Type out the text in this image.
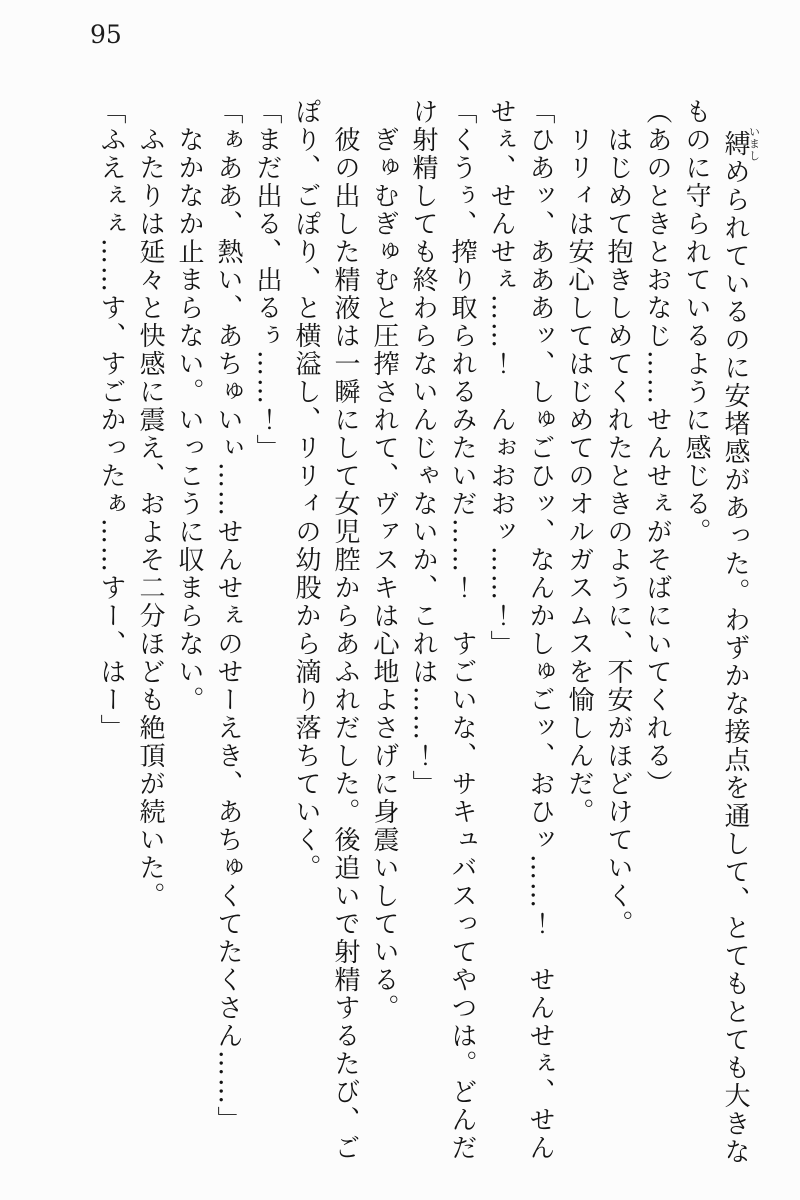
95

縛いましめられているのに安堵感があった。わずかな接点を通して、とてもとても大きな

ものに守られているように感じる。

（あのときとおなじ……せんせぇがそばにいてくれる）

はじめて抱きしめてくれたときのように、不安がほどけていく。

リリィは安心してはじめてのオルガスムスを愉しんだ。

「ひあッ、あああッ、しゅごひッ、なんかしゅごッ、おひッ……！　せんせぇ、せん

せぇ、せんせぇ……！　んぉおおッ……！」

「くうぅ、搾り取られるみたいだ……！　すごいな、サキュバスってやつは。どんだ

け射精しても終わらないんじゃないか、これは……！」

ぎゅむぎゅむと圧搾されて、ヴァスキは心地よさげに身震いしている。

彼の出した精液は一瞬にして女児腔からあふれだした。後追いで射精するたび、ご

ぽり、ごぽり、と横溢し、リリィの幼股から滴り落ちていく。

「まだ出る、出るぅ……！」

「ぁああ、熱い、あちゅいぃ……せんせぇのせーえき、あちゅくてたくさん……」

なかなか止まらない。いっこうに収まらない。

ふたりは延々と快感に震え、およそ二分ほども絶頂が続いた。

「ふえぇぇ……す、すごかったぁ……すー、はー」
